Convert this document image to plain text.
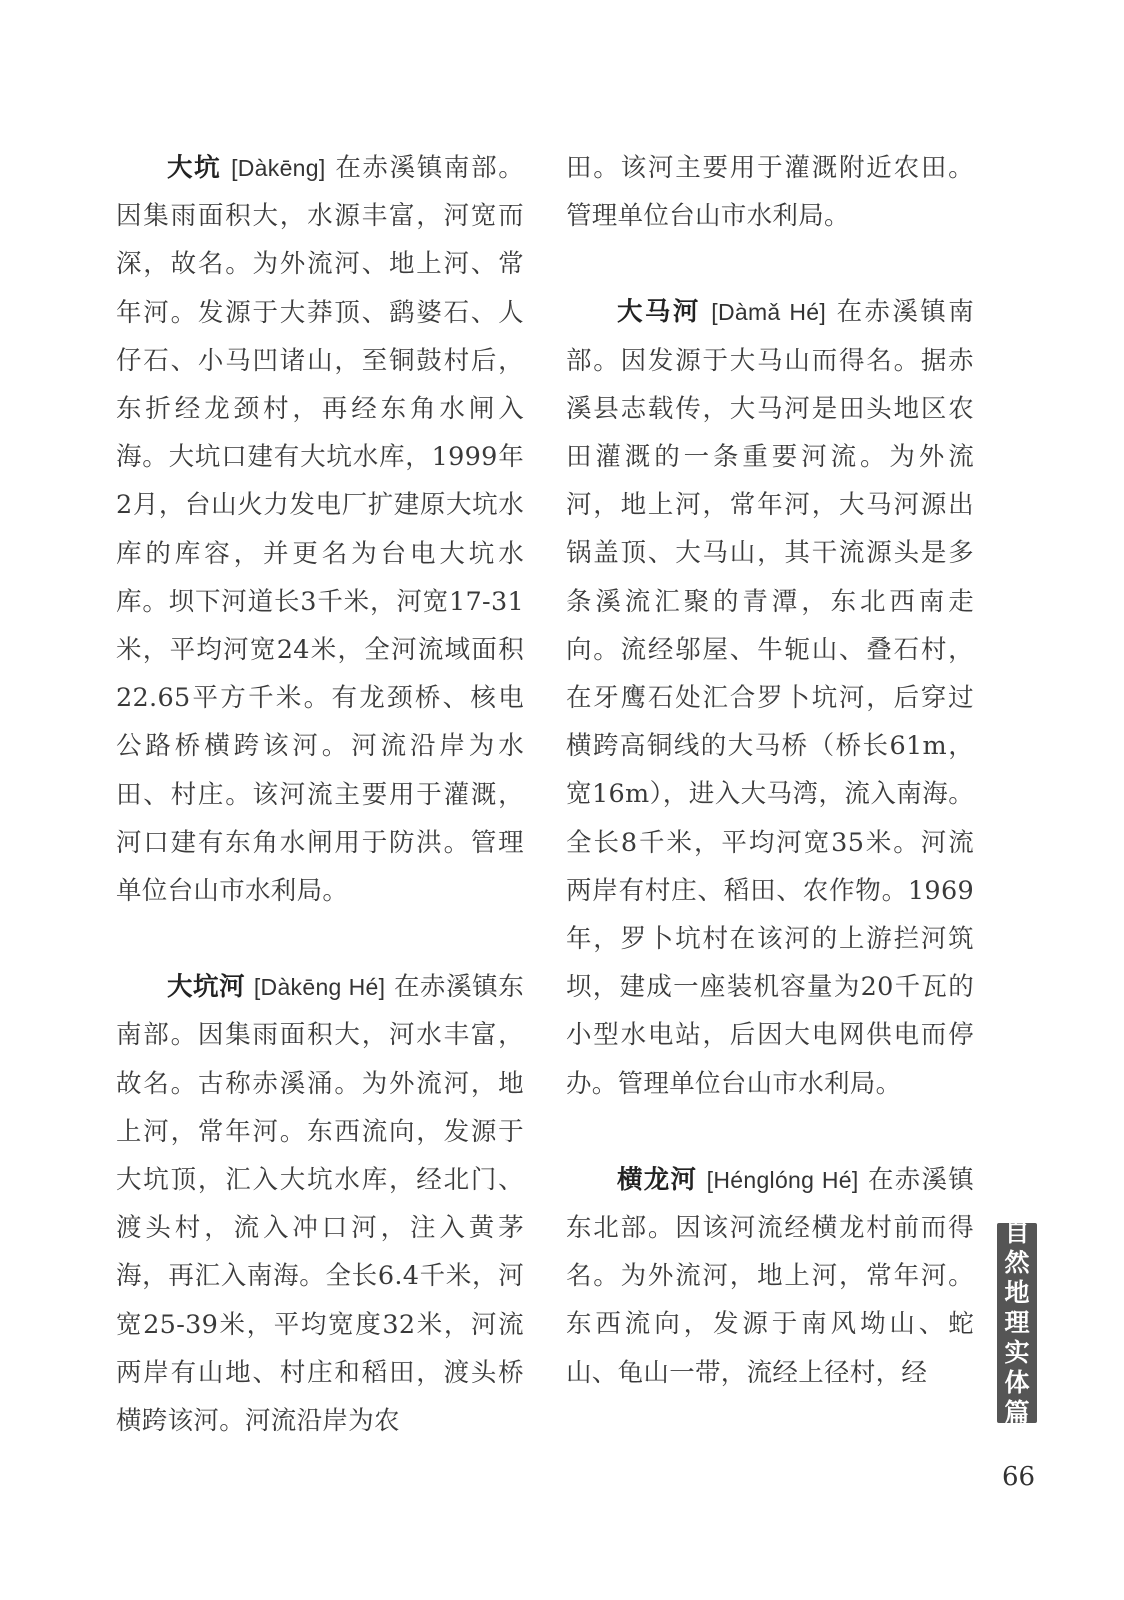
大坑 [Dàkēng] 在赤溪镇南部。因集雨面积大，水源丰富，河宽而深，故名。为外流河、地上河、常年河。发源于大莽顶、鹞婆石、人仔石、小马凹诸山，至铜鼓村后，东折经龙颈村，再经东角水闸入海。大坑口建有大坑水库，1999年2月，台山火力发电厂扩建原大坑水库的库容，并更名为台电大坑水库。坝下河道长3千米，河宽17-31米，平均河宽24米，全河流域面积22.65平方千米。有龙颈桥、核电公路桥横跨该河。河流沿岸为水田、村庄。该河流主要用于灌溉，河口建有东角水闸用于防洪。管理单位台山市水利局。

大坑河 [Dàkēng Hé] 在赤溪镇东南部。因集雨面积大，河水丰富，故名。古称赤溪涌。为外流河，地上河，常年河。东西流向，发源于大坑顶，汇入大坑水库，经北门、渡头村，流入冲口河，注入黄茅海，再汇入南海。全长6.4千米，河宽25-39米，平均宽度32米，河流两岸有山地、村庄和稻田，渡头桥横跨该河。河流沿岸为农

田。该河主要用于灌溉附近农田。管理单位台山市水利局。

大马河 [Dàmǎ Hé] 在赤溪镇南部。因发源于大马山而得名。据赤溪县志载传，大马河是田头地区农田灌溉的一条重要河流。为外流河，地上河，常年河，大马河源出锅盖顶、大马山，其干流源头是多条溪流汇聚的青潭，东北西南走向。流经邬屋、牛轭山、叠石村，在牙鹰石处汇合罗卜坑河，后穿过横跨高铜线的大马桥（桥长61m，宽16m），进入大马湾，流入南海。全长8千米，平均河宽35米。河流两岸有村庄、稻田、农作物。1969年，罗卜坑村在该河的上游拦河筑坝，建成一座装机容量为20千瓦的小型水电站，后因大电网供电而停办。管理单位台山市水利局。

横龙河 [Hénglóng Hé] 在赤溪镇东北部。因该河流经横龙村前而得名。为外流河，地上河，常年河。东西流向，发源于南风坳山、蛇山、龟山一带，流经上径村，经

自
然
地
理
实
体
篇
66
